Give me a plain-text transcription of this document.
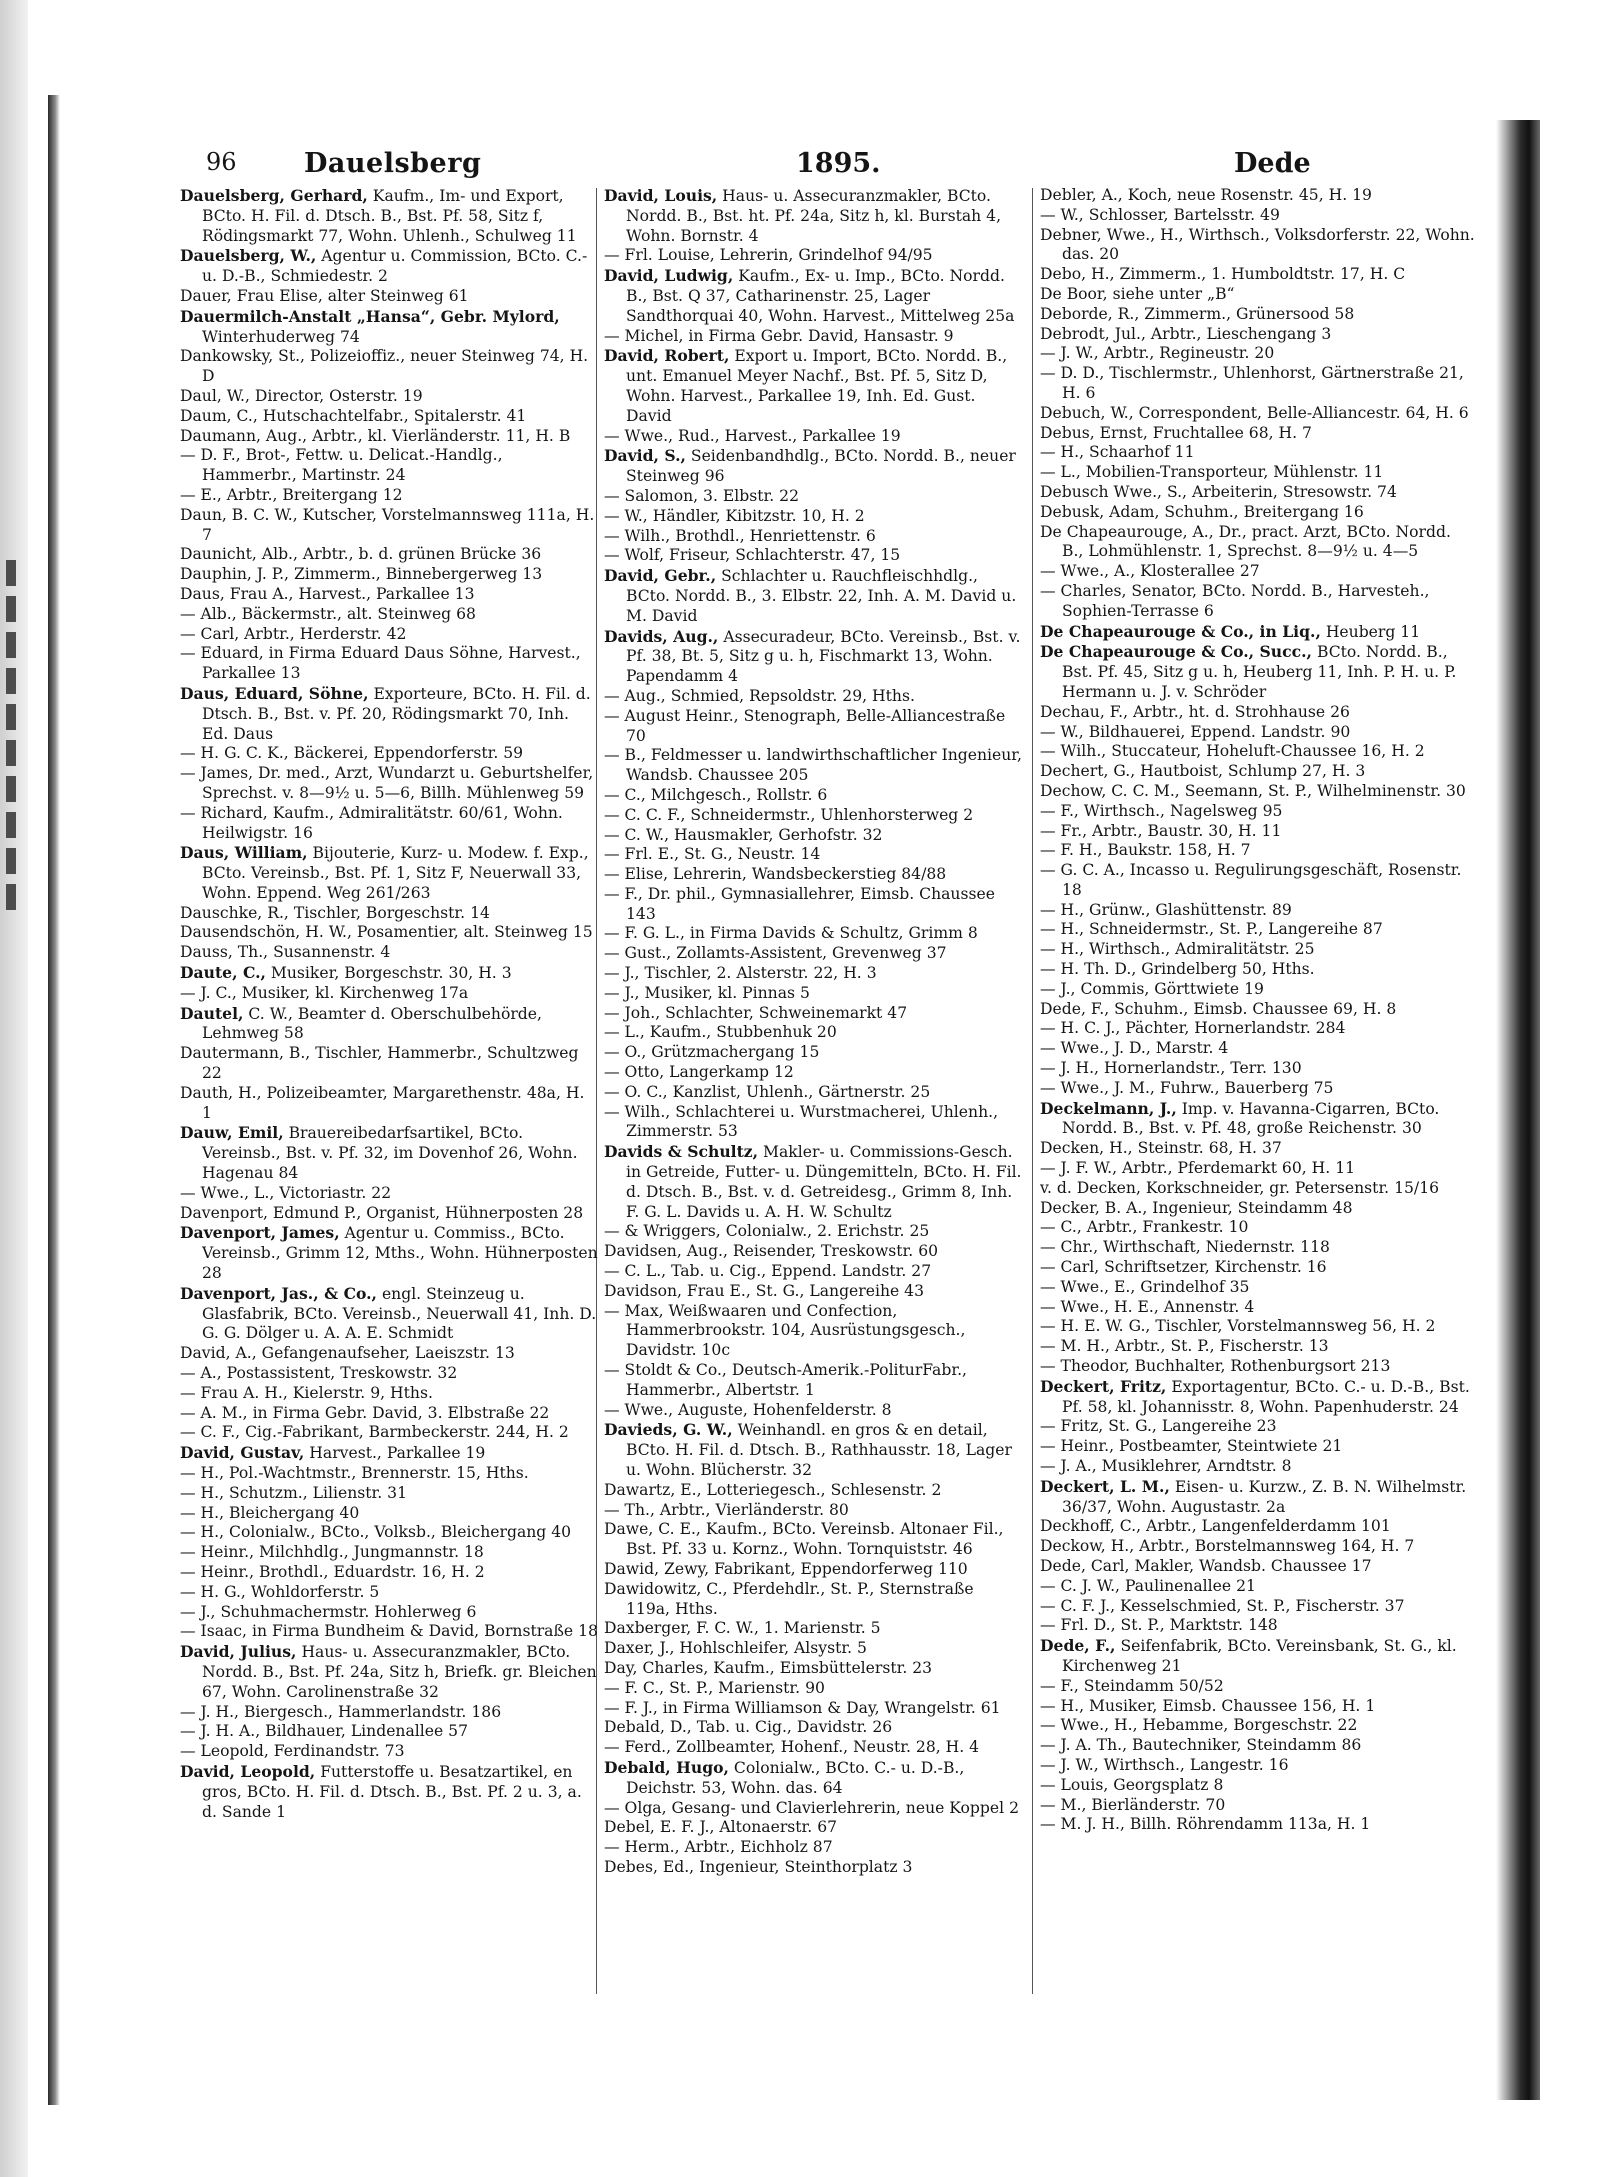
96 Dauelsberg	1895.	Dede
Dauelsberg, Gerhard, Kaufm., Im- und Export, BCto. H. Fil. d. Dtsch. B., Bst. Pf. 58, Sitz f, Rödingsmarkt 77, Wohn. Uhlenh., Schulweg 11
Dauelsberg, W., Agentur u. Commission, BCto. C.- u. D.-B., Schmiedestr. 2
Dauer, Frau Elise, alter Steinweg 61
Dauermilch-Anstalt „Hansa“, Gebr. Mylord, Winterhuderweg 74
Dankowsky, St., Polizeioffiz., neuer Steinweg 74, H. D
Daul, W., Director, Osterstr. 19
Daum, C., Hutschachtelfabr., Spitalerstr. 41
Daumann, Aug., Arbtr., kl. Vierländerstr. 11, H. B
— D. F., Brot-, Fettw. u. Delicat.-Handlg., Hammerbr., Martinstr. 24
— E., Arbtr., Breitergang 12
Daun, B. C. W., Kutscher, Vorstelmannsweg 111a, H. 7
Daunicht, Alb., Arbtr., b. d. grünen Brücke 36
Dauphin, J. P., Zimmerm., Binnebergerweg 13
Daus, Frau A., Harvest., Parkallee 13
— Alb., Bäckermstr., alt. Steinweg 68
— Carl, Arbtr., Herderstr. 42
— Eduard, in Firma Eduard Daus Söhne, Harvest., Parkallee 13
Daus, Eduard, Söhne, Exporteure, BCto. H. Fil. d. Dtsch. B., Bst. v. Pf. 20, Rödingsmarkt 70, Inh. Ed. Daus
— H. G. C. K., Bäckerei, Eppendorferstr. 59
— James, Dr. med., Arzt, Wundarzt u. Geburtshelfer, Sprechst. v. 8—9½ u. 5—6, Billh. Mühlenweg 59
— Richard, Kaufm., Admiralitätstr. 60/61, Wohn. Heilwigstr. 16
Daus, William, Bijouterie, Kurz- u. Modew. f. Exp., BCto. Vereinsb., Bst. Pf. 1, Sitz F, Neuerwall 33, Wohn. Eppend. Weg 261/263
Dauschke, R., Tischler, Borgeschstr. 14
Dausendschön, H. W., Posamentier, alt. Steinweg 15
Dauss, Th., Susannenstr. 4
Daute, C., Musiker, Borgeschstr. 30, H. 3
— J. C., Musiker, kl. Kirchenweg 17a
Dautel, C. W., Beamter d. Oberschulbehörde, Lehmweg 58
Dautermann, B., Tischler, Hammerbr., Schultzweg 22
Dauth, H., Polizeibeamter, Margarethenstr. 48a, H. 1
Dauw, Emil, Brauereibedarfsartikel, BCto. Vereinsb., Bst. v. Pf. 32, im Dovenhof 26, Wohn. Hagenau 84
— Wwe., L., Victoriastr. 22
Davenport, Edmund P., Organist, Hühnerposten 28
Davenport, James, Agentur u. Commiss., BCto. Vereinsb., Grimm 12, Mths., Wohn. Hühnerposten 28
Davenport, Jas., & Co., engl. Steinzeug u. Glasfabrik, BCto. Vereinsb., Neuerwall 41, Inh. D. G. G. Dölger u. A. A. E. Schmidt
David, A., Gefangenaufseher, Laeiszstr. 13
— A., Postassistent, Treskowstr. 32
— Frau A. H., Kielerstr. 9, Hths.
— A. M., in Firma Gebr. David, 3. Elbstraße 22
— C. F., Cig.-Fabrikant, Barmbeckerstr. 244, H. 2
David, Gustav, Harvest., Parkallee 19
— H., Pol.-Wachtmstr., Brennerstr. 15, Hths.
— H., Schutzm., Lilienstr. 31
— H., Bleichergang 40
— H., Colonialw., BCto., Volksb., Bleichergang 40
— Heinr., Milchhdlg., Jungmannstr. 18
— Heinr., Brothdl., Eduardstr. 16, H. 2
— H. G., Wohldorferstr. 5
— J., Schuhmachermstr. Hohlerweg 6
— Isaac, in Firma Bundheim & David, Bornstraße 18
David, Julius, Haus- u. Assecuranzmakler, BCto. Nordd. B., Bst. Pf. 24a, Sitz h, Briefk. gr. Bleichen 67, Wohn. Carolinenstraße 32
— J. H., Biergesch., Hammerlandstr. 186
— J. H. A., Bildhauer, Lindenallee 57
— Leopold, Ferdinandstr. 73
David, Leopold, Futterstoffe u. Besatzartikel, en gros, BCto. H. Fil. d. Dtsch. B., Bst. Pf. 2 u. 3, a. d. Sande 1
David, Louis, Haus- u. Assecuranzmakler, BCto. Nordd. B., Bst. ht. Pf. 24a, Sitz h, kl. Burstah 4, Wohn. Bornstr. 4
— Frl. Louise, Lehrerin, Grindelhof 94/95
David, Ludwig, Kaufm., Ex- u. Imp., BCto. Nordd. B., Bst. Q 37, Catharinenstr. 25, Lager Sandthorquai 40, Wohn. Harvest., Mittelweg 25a
— Michel, in Firma Gebr. David, Hansastr. 9
David, Robert, Export u. Import, BCto. Nordd. B., unt. Emanuel Meyer Nachf., Bst. Pf. 5, Sitz D, Wohn. Harvest., Parkallee 19, Inh. Ed. Gust. David
— Wwe., Rud., Harvest., Parkallee 19
David, S., Seidenbandhdlg., BCto. Nordd. B., neuer Steinweg 96
— Salomon, 3. Elbstr. 22
— W., Händler, Kibitzstr. 10, H. 2
— Wilh., Brothdl., Henriettenstr. 6
— Wolf, Friseur, Schlachterstr. 47, 15
David, Gebr., Schlachter u. Rauchfleischhdlg., BCto. Nordd. B., 3. Elbstr. 22, Inh. A. M. David u. M. David
Davids, Aug., Assecuradeur, BCto. Vereinsb., Bst. v. Pf. 38, Bt. 5, Sitz g u. h, Fischmarkt 13, Wohn. Papendamm 4
— Aug., Schmied, Repsoldstr. 29, Hths.
— August Heinr., Stenograph, Belle-Alliancestraße 70
— B., Feldmesser u. landwirthschaftlicher Ingenieur, Wandsb. Chaussee 205
— C., Milchgesch., Rollstr. 6
— C. C. F., Schneidermstr., Uhlenhorsterweg 2
— C. W., Hausmakler, Gerhofstr. 32
— Frl. E., St. G., Neustr. 14
— Elise, Lehrerin, Wandsbeckerstieg 84/88
— F., Dr. phil., Gymnasiallehrer, Eimsb. Chaussee 143
— F. G. L., in Firma Davids & Schultz, Grimm 8
— Gust., Zollamts-Assistent, Grevenweg 37
— J., Tischler, 2. Alsterstr. 22, H. 3
— J., Musiker, kl. Pinnas 5
— Joh., Schlachter, Schweinemarkt 47
— L., Kaufm., Stubbenhuk 20
— O., Grützmachergang 15
— Otto, Langerkamp 12
— O. C., Kanzlist, Uhlenh., Gärtnerstr. 25
— Wilh., Schlachterei u. Wurstmacherei, Uhlenh., Zimmerstr. 53
Davids & Schultz, Makler- u. Commissions-Gesch. in Getreide, Futter- u. Düngemitteln, BCto. H. Fil. d. Dtsch. B., Bst. v. d. Getreidesg., Grimm 8, Inh. F. G. L. Davids u. A. H. W. Schultz
— & Wriggers, Colonialw., 2. Erichstr. 25
Davidsen, Aug., Reisender, Treskowstr. 60
— C. L., Tab. u. Cig., Eppend. Landstr. 27
Davidson, Frau E., St. G., Langereihe 43
— Max, Weißwaaren und Confection, Hammerbrookstr. 104, Ausrüstungsgesch., Davidstr. 10c
— Stoldt & Co., Deutsch-Amerik.-PoliturFabr., Hammerbr., Albertstr. 1
— Wwe., Auguste, Hohenfelderstr. 8
Davieds, G. W., Weinhandl. en gros & en detail, BCto. H. Fil. d. Dtsch. B., Rathhausstr. 18, Lager u. Wohn. Blücherstr. 32
Dawartz, E., Lotteriegesch., Schlesenstr. 2
— Th., Arbtr., Vierländerstr. 80
Dawe, C. E., Kaufm., BCto. Vereinsb. Altonaer Fil., Bst. Pf. 33 u. Kornz., Wohn. Tornquiststr. 46
Dawid, Zewy, Fabrikant, Eppendorferweg 110
Dawidowitz, C., Pferdehdlr., St. P., Sternstraße 119a, Hths.
Daxberger, F. C. W., 1. Marienstr. 5
Daxer, J., Hohlschleifer, Alsystr. 5
Day, Charles, Kaufm., Eimsbüttelerstr. 23
— F. C., St. P., Marienstr. 90
— F. J., in Firma Williamson & Day, Wrangelstr. 61
Debald, D., Tab. u. Cig., Davidstr. 26
— Ferd., Zollbeamter, Hohenf., Neustr. 28, H. 4
Debald, Hugo, Colonialw., BCto. C.- u. D.-B., Deichstr. 53, Wohn. das. 64
— Olga, Gesang- und Clavierlehrerin, neue Koppel 2
Debel, E. F. J., Altonaerstr. 67
— Herm., Arbtr., Eichholz 87
Debes, Ed., Ingenieur, Steinthorplatz 3
Debler, A., Koch, neue Rosenstr. 45, H. 19
— W., Schlosser, Bartelsstr. 49
Debner, Wwe., H., Wirthsch., Volksdorferstr. 22, Wohn. das. 20
Debo, H., Zimmerm., 1. Humboldtstr. 17, H. C
De Boor, siehe unter „B“
Deborde, R., Zimmerm., Grünersood 58
Debrodt, Jul., Arbtr., Lieschengang 3
— J. W., Arbtr., Regineustr. 20
— D. D., Tischlermstr., Uhlenhorst, Gärtnerstraße 21, H. 6
Debuch, W., Correspondent, Belle-Alliancestr. 64, H. 6
Debus, Ernst, Fruchtallee 68, H. 7
— H., Schaarhof 11
— L., Mobilien-Transporteur, Mühlenstr. 11
Debusch Wwe., S., Arbeiterin, Stresowstr. 74
Debusk, Adam, Schuhm., Breitergang 16
De Chapeaurouge, A., Dr., pract. Arzt, BCto. Nordd. B., Lohmühlenstr. 1, Sprechst. 8—9½ u. 4—5
— Wwe., A., Klosterallee 27
— Charles, Senator, BCto. Nordd. B., Harvesteh., Sophien-Terrasse 6
De Chapeaurouge & Co., in Liq., Heuberg 11
De Chapeaurouge & Co., Succ., BCto. Nordd. B., Bst. Pf. 45, Sitz g u. h, Heuberg 11, Inh. P. H. u. P. Hermann u. J. v. Schröder
Dechau, F., Arbtr., ht. d. Strohhause 26
— W., Bildhauerei, Eppend. Landstr. 90
— Wilh., Stuccateur, Hoheluft-Chaussee 16, H. 2
Dechert, G., Hautboist, Schlump 27, H. 3
Dechow, C. C. M., Seemann, St. P., Wilhelminenstr. 30
— F., Wirthsch., Nagelsweg 95
— Fr., Arbtr., Baustr. 30, H. 11
— F. H., Baukstr. 158, H. 7
— G. C. A., Incasso u. Regulirungsgeschäft, Rosenstr. 18
— H., Grünw., Glashüttenstr. 89
— H., Schneidermstr., St. P., Langereihe 87
— H., Wirthsch., Admiralitätstr. 25
— H. Th. D., Grindelberg 50, Hths.
— J., Commis, Görttwiete 19
Dede, F., Schuhm., Eimsb. Chaussee 69, H. 8
— H. C. J., Pächter, Hornerlandstr. 284
— Wwe., J. D., Marstr. 4
— J. H., Hornerlandstr., Terr. 130
— Wwe., J. M., Fuhrw., Bauerberg 75
Deckelmann, J., Imp. v. Havanna-Cigarren, BCto. Nordd. B., Bst. v. Pf. 48, große Reichenstr. 30
Decken, H., Steinstr. 68, H. 37
— J. F. W., Arbtr., Pferdemarkt 60, H. 11
v. d. Decken, Korkschneider, gr. Petersenstr. 15/16
Decker, B. A., Ingenieur, Steindamm 48
— C., Arbtr., Frankestr. 10
— Chr., Wirthschaft, Niedernstr. 118
— Carl, Schriftsetzer, Kirchenstr. 16
— Wwe., E., Grindelhof 35
— Wwe., H. E., Annenstr. 4
— H. E. W. G., Tischler, Vorstelmannsweg 56, H. 2
— M. H., Arbtr., St. P., Fischerstr. 13
— Theodor, Buchhalter, Rothenburgsort 213
Deckert, Fritz, Exportagentur, BCto. C.- u. D.-B., Bst. Pf. 58, kl. Johannisstr. 8, Wohn. Papenhuderstr. 24
— Fritz, St. G., Langereihe 23
— Heinr., Postbeamter, Steintwiete 21
— J. A., Musiklehrer, Arndtstr. 8
Deckert, L. M., Eisen- u. Kurzw., Z. B. N. Wilhelmstr. 36/37, Wohn. Augustastr. 2a
Deckhoff, C., Arbtr., Langenfelderdamm 101
Deckow, H., Arbtr., Borstelmannsweg 164, H. 7
Dede, Carl, Makler, Wandsb. Chaussee 17
— C. J. W., Paulinenallee 21
— C. F. J., Kesselschmied, St. P., Fischerstr. 37
— Frl. D., St. P., Marktstr. 148
Dede, F., Seifenfabrik, BCto. Vereinsbank, St. G., kl. Kirchenweg 21
— F., Steindamm 50/52
— H., Musiker, Eimsb. Chaussee 156, H. 1
— Wwe., H., Hebamme, Borgeschstr. 22
— J. A. Th., Bautechniker, Steindamm 86
— J. W., Wirthsch., Langestr. 16
— Louis, Georgsplatz 8
— M., Bierländerstr. 70
— M. J. H., Billh. Röhrendamm 113a, H. 1
